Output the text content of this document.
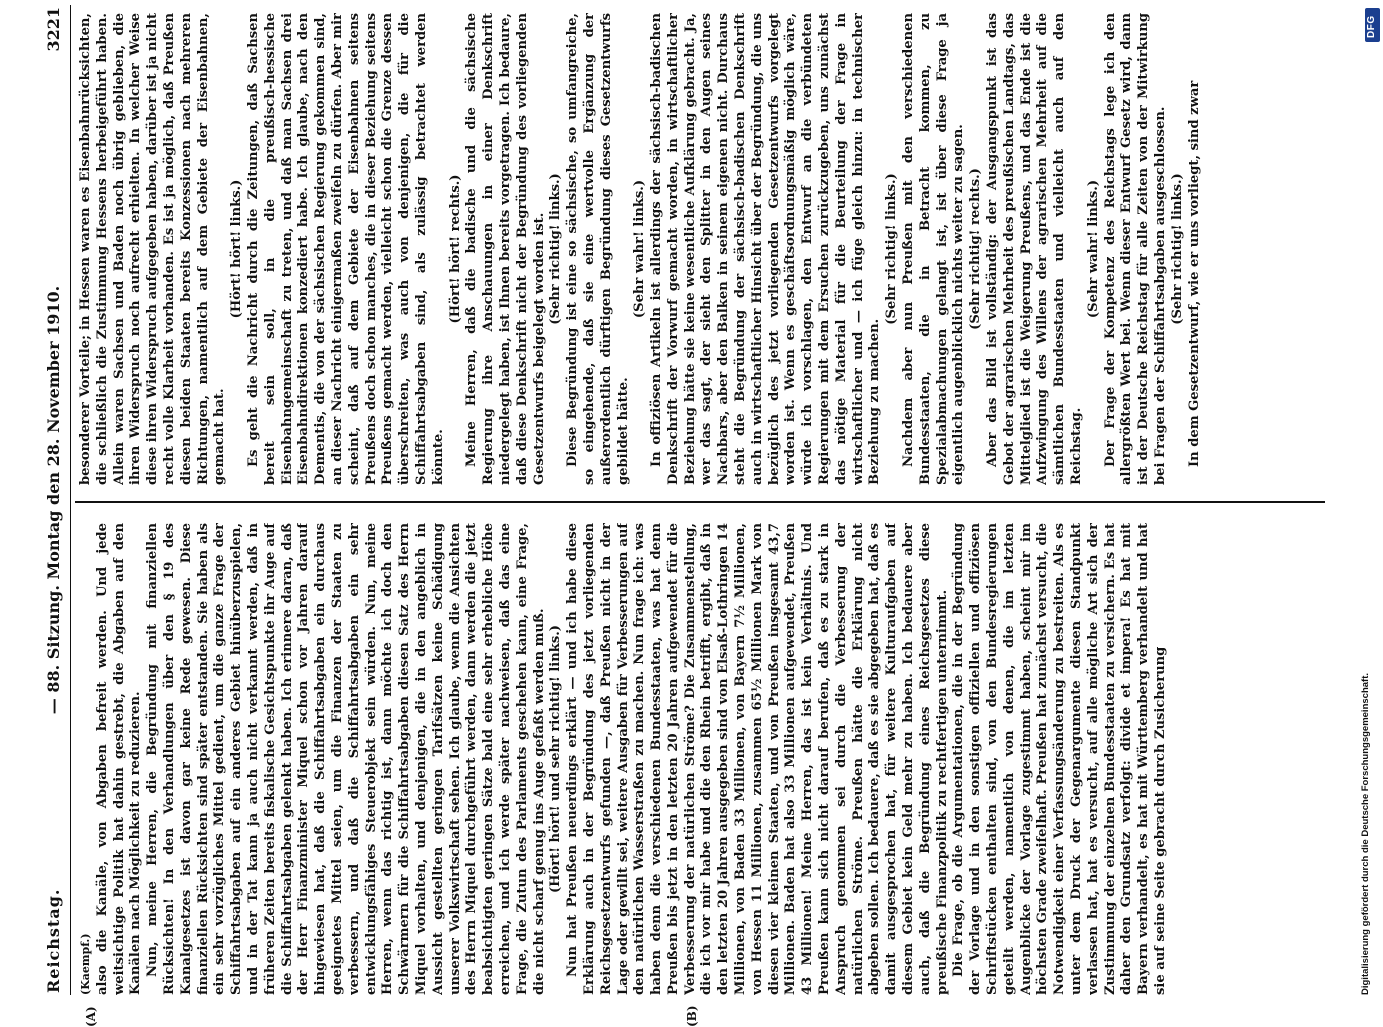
Reichstag.
— 88. Sitzung. Montag den 28. November 1910.
3221
(A)	(B)
(Kaempf.) also die Kanäle, von Abgaben befreit werden. Und jede weitsichtige Politik hat dahin gestrebt, die Abgaben auf den Kanälen nach Möglichkeit zu reduzieren. Nun, meine Herren, die Begründung mit finanziellen Rücksichten! In den Verhandlungen über den § 19 des Kanalgesetzes ist davon gar keine Rede gewesen. Diese finanziellen Rücksichten sind später entstanden. Sie haben als ein sehr vorzügliches Mittel gedient, um die ganze Frage der Schiffahrtsabgaben auf ein anderes Gebiet hinüberzuspielen, und in der Tat kann ja auch nicht verkannt werden, daß in früheren Zeiten bereits fiskalische Gesichtspunkte ihr Auge auf die Schiffahrtsabgaben gelenkt haben. Ich erinnere daran, daß der Herr Finanzminister Miquel schon vor Jahren darauf hingewiesen hat, daß die Schiffahrtsabgaben ein durchaus geeignetes Mittel seien, um die Finanzen der Staaten zu verbessern, und daß die Schiffahrtsabgaben ein sehr entwicklungsfähiges Steuerobjekt sein würden. Nun, meine Herren, wenn das richtig ist, dann möchte ich doch den Schwärmern für die Schiffahrtsabgaben diesen Satz des Herrn Miquel vorhalten, und denjenigen, die in den angeblich in Aussicht gestellten geringen Tarifsätzen keine Schädigung unserer Volkswirtschaft sehen. Ich glaube, wenn die Ansichten des Herrn Miquel durchgeführt werden, dann werden die jetzt beabsichtigten geringen Sätze bald eine sehr erhebliche Höhe erreichen, und ich werde später nachweisen, daß das eine Frage, die Zutun des Parlaments geschehen kann, eine Frage, die nicht scharf genug ins Auge gefaßt werden muß. (Hört! hört! und sehr richtig! links.) Nun hat Preußen neuerdings erklärt — und ich habe diese Erklärung auch in der Begründung des jetzt vorliegenden Reichsgesetzentwurfs gefunden —, daß Preußen nicht in der Lage oder gewillt sei, weitere Ausgaben für Verbesserungen auf den natürlichen Wasserstraßen zu machen. Nun frage ich: was haben denn die verschiedenen Bundesstaaten, was hat denn Preußen bis jetzt in den letzten 20 Jahren aufgewendet für die Verbesserung der natürlichen Ströme? Die Zusammenstellung, die ich vor mir habe und die den Rhein betrifft, ergibt, daß in den letzten 20 Jahren ausgegeben sind von Elsaß-Lothringen 14 Millionen, von Baden 33 Millionen, von Bayern 7½ Millionen, von Hessen 11 Millionen, zusammen 65½ Millionen Mark von diesen vier kleinen Staaten, und von Preußen insgesamt 43,7 Millionen. Baden hat also 33 Millionen aufgewendet, Preußen 43 Millionen! Meine Herren, das ist kein Verhältnis. Und Preußen kann sich nicht darauf berufen, daß es zu stark in Anspruch genommen sei durch die Verbesserung der natürlichen Ströme. Preußen hätte die Erklärung nicht abgeben sollen. Ich bedauere, daß es sie abgegeben hat, daß es damit ausgesprochen hat, für weitere Kulturaufgaben auf diesem Gebiet kein Geld mehr zu haben. Ich bedauere aber auch, daß die Begründung eines Reichsgesetzes diese preußische Finanzpolitik zu rechtfertigen unternimmt. Die Frage, ob die Argumentationen, die in der Begründung der Vorlage und in den sonstigen offiziellen und offiziösen Schriftstücken enthalten sind, von den Bundesregierungen geteilt werden, namentlich von denen, die im letzten Augenblicke der Vorlage zugestimmt haben, scheint mir im höchsten Grade zweifelhaft. Preußen hat zunächst versucht, die Notwendigkeit einer Verfassungsänderung zu bestreiten. Als es unter dem Druck der Gegenargumente diesen Standpunkt verlassen hat, hat es versucht, auf alle mögliche Art sich der Zustimmung der einzelnen Bundesstaaten zu versichern. Es hat daher den Grundsatz verfolgt: divide et impera! Es hat mit Bayern verhandelt, es hat mit Württemberg verhandelt und hat sie auf seine Seite gebracht durch Zusicherung

besonderer Vorteile; in Hessen waren es Eisenbahnrücksichten, die schließlich die Zustimmung Hessens herbeigeführt haben. Allein waren Sachsen und Baden noch übrig geblieben, die ihren Widerspruch noch aufrecht erhielten. In welcher Weise diese ihren Widerspruch aufgegeben haben, darüber ist ja nicht recht volle Klarheit vorhanden. Es ist ja möglich, daß Preußen diesen beiden Staaten bereits Konzessionen nach mehreren Richtungen, namentlich auf dem Gebiete der Eisenbahnen, gemacht hat.

(Hört! hört! links.) Es geht die Nachricht durch die Zeitungen, daß Sachsen bereit sein soll, in die preußisch-hessische Eisenbahngemeinschaft zu treten, und daß man Sachsen drei Eisenbahndirektionen konzediert habe. Ich glaube, nach den Dementis, die von der sächsischen Regierung gekommen sind, an dieser Nachricht einigermaßen zweifeln zu dürfen. Aber mir scheint, daß auf dem Gebiete der Eisenbahnen seitens Preußens doch schon manches, die in dieser Beziehung seitens Preußens gemacht werden, vielleicht schon die Grenze dessen überschreiten, was auch von denjenigen, die für die Schiffahrtsabgaben sind, als zulässig betrachtet werden könnte.

(Hört! hört! rechts.) Meine Herren, daß die badische und die sächsische Regierung ihre Anschauungen in einer Denkschrift niedergelegt haben, ist Ihnen bereits vorgetragen. Ich bedaure, daß diese Denkschrift nicht der Begründung des vorliegenden Gesetzentwurfs beigelegt worden ist. (Sehr richtig! links.) Diese Begründung ist eine so sächsische, so umfangreiche, so eingehende, daß sie eine wertvolle Ergänzung der außerordentlich dürftigen Begründung dieses Gesetzentwurfs gebildet hätte.

(Sehr wahr! links.) In offiziösen Artikeln ist allerdings der sächsisch-badischen Denkschrift der Vorwurf gemacht worden, in wirtschaftlicher Beziehung hätte sie keine wesentliche Aufklärung gebracht. Ja, wer das sagt, der sieht den Splitter in den Augen seines Nachbars, aber den Balken in seinem eigenen nicht. Durchaus steht die Begründung der sächsisch-badischen Denkschrift auch in wirtschaftlicher Hinsicht über der Begründung, die uns bezüglich des jetzt vorliegenden Gesetzentwurfs vorgelegt worden ist. Wenn es geschäftsordnungsmäßig möglich wäre, würde ich vorschlagen, den Entwurf an die verbündeten Regierungen mit dem Ersuchen zurückzugeben, uns zunächst das nötige Material für die Beurteilung der Frage in wirtschaftlicher und — ich füge gleich hinzu: in technischer Beziehung zu machen.

(Sehr richtig! links.) Nachdem aber nun Preußen mit den verschiedenen Bundesstaaten, die in Betracht kommen, zu Spezialabmachungen gelangt ist, ist über diese Frage ja eigentlich augenblicklich nichts weiter zu sagen. (Sehr richtig! rechts.) Aber das Bild ist vollständig: der Ausgangspunkt ist das Gebot der agrarischen Mehrheit des preußischen Landtags, das Mittelglied ist die Weigerung Preußens, und das Ende ist die Aufzwingung des Willens der agrarischen Mehrheit auf die sämtlichen Bundesstaaten und vielleicht auch auf den Reichstag.

(Sehr wahr! links.) Der Frage der Kompetenz des Reichstags lege ich den allergrößten Wert bei. Wenn dieser Entwurf Gesetz wird, dann ist der Deutsche Reichstag für alle Zeiten von der Mitwirkung bei Fragen der Schiffahrtsabgaben ausgeschlossen. (Sehr richtig! links.) In dem Gesetzentwurf, wie er uns vorliegt, sind zwar

DFG
Digitalisierung gefördert durch die Deutsche Forschungsgemeinschaft.
